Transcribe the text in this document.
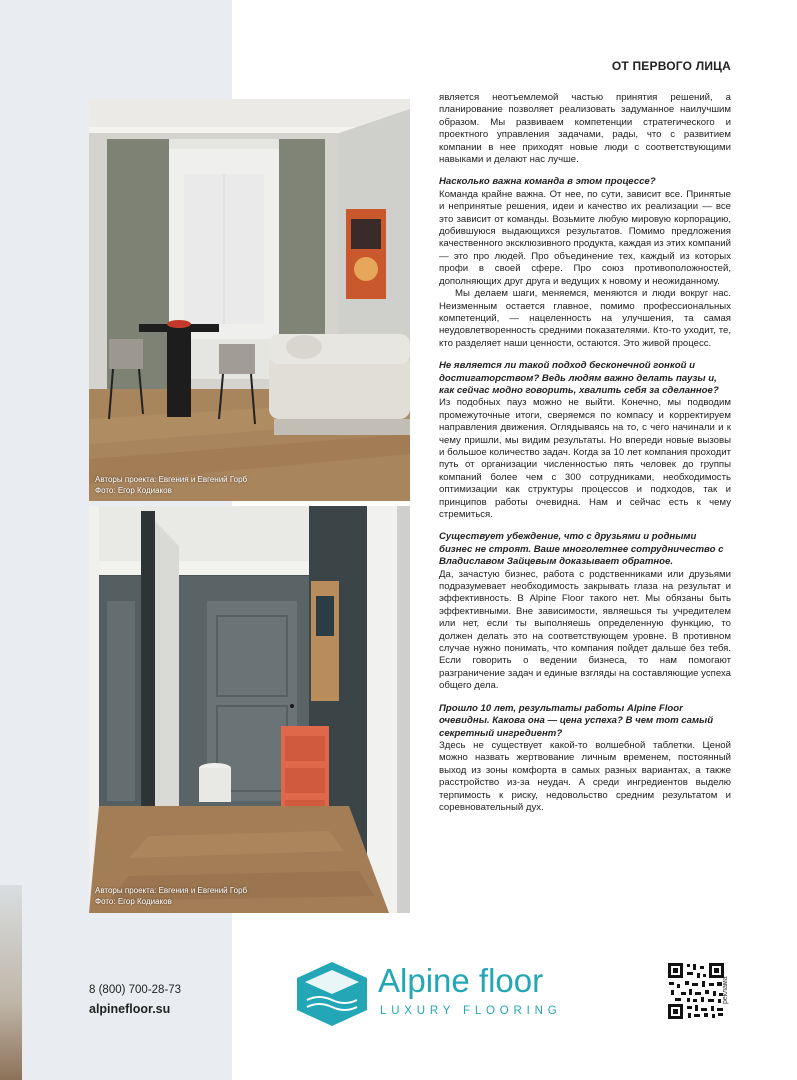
ОТ ПЕРВОГО ЛИЦА
Авторы проекта: Евгения и Евгений Горб
Фото: Егор Кодиаков
Авторы проекта: Евгения и Евгений Горб
Фото: Егор Кодиаков

является неотъемлемой частью принятия решений, а планирование позволяет реализовать задуманное наилучшим образом. Мы развиваем компетенции стратегического и проектного управления задачами, рады, что с развитием компании в нее приходят новые люди с соответствующими навыками и делают нас лучше.

Насколько важна команда в этом процессе?

Команда крайне важна. От нее, по сути, зависит все. Принятые и непринятые решения, идеи и качество их реализации — все это зависит от команды. Возьмите любую мировую корпорацию, добившуюся выдающихся результатов. Помимо предложения качественного эксклюзивного продукта, каждая из этих компаний — это про людей. Про объединение тех, каждый из которых профи в своей сфере. Про союз противоположностей, дополняющих друг друга и ведущих к новому и неожиданному.

Мы делаем шаги, меняемся, меняются и люди вокруг нас. Неизменным остается главное, помимо профессиональных компетенций, — нацеленность на улучшения, та самая неудовлетворенность средними показателями. Кто-то уходит, те, кто разделяет наши ценности, остаются. Это живой процесс.

Не является ли такой подход бесконечной гонкой и достигаторством? Ведь людям важно делать паузы и, как сейчас модно говорить, хвалить себя за сделанное?

Из подобных пауз можно не выйти. Конечно, мы подводим промежуточные итоги, сверяемся по компасу и корректируем направления движения. Оглядываясь на то, с чего начинали и к чему пришли, мы видим результаты. Но впереди новые вызовы и большое количество задач. Когда за 10 лет компания проходит путь от организации численностью пять человек до группы компаний более чем с 300 сотрудниками, необходимость оптимизации как структуры процессов и подходов, так и принципов работы очевидна. Нам и сейчас есть к чему стремиться.

Существует убеждение, что с друзьями и родными бизнес не строят. Ваше многолетнее сотрудничество с Владиславом Зайцевым доказывает обратное.

Да, зачастую бизнес, работа с родственниками или друзьями подразумевает необходимость закрывать глаза на результат и эффективность. В Alpine Floor такого нет. Мы обязаны быть эффективными. Вне зависимости, являешься ты учредителем или нет, если ты выполняешь определенную функцию, то должен делать это на соответствующем уровне. В противном случае нужно понимать, что компания пойдет дальше без тебя. Если говорить о ведении бизнеса, то нам помогают разграничение задач и единые взгляды на составляющие успеха общего дела.

Прошло 10 лет, результаты работы Alpine Floor очевидны. Какова она — цена успеха? В чем тот самый секретный ингредиент?

Здесь не существует какой-то волшебной таблетки. Ценой можно назвать жертвование личным временем, постоянный выход из зоны комфорта в самых разных вариантах, а также расстройство из-за неудач. А среди ингредиентов выделю терпимость к риску, недовольство средним результатом и соревновательный дух.

8 (800) 700-28-73
alpinefloor.su
Alpine floor
LUXURY FLOORING
реклама
